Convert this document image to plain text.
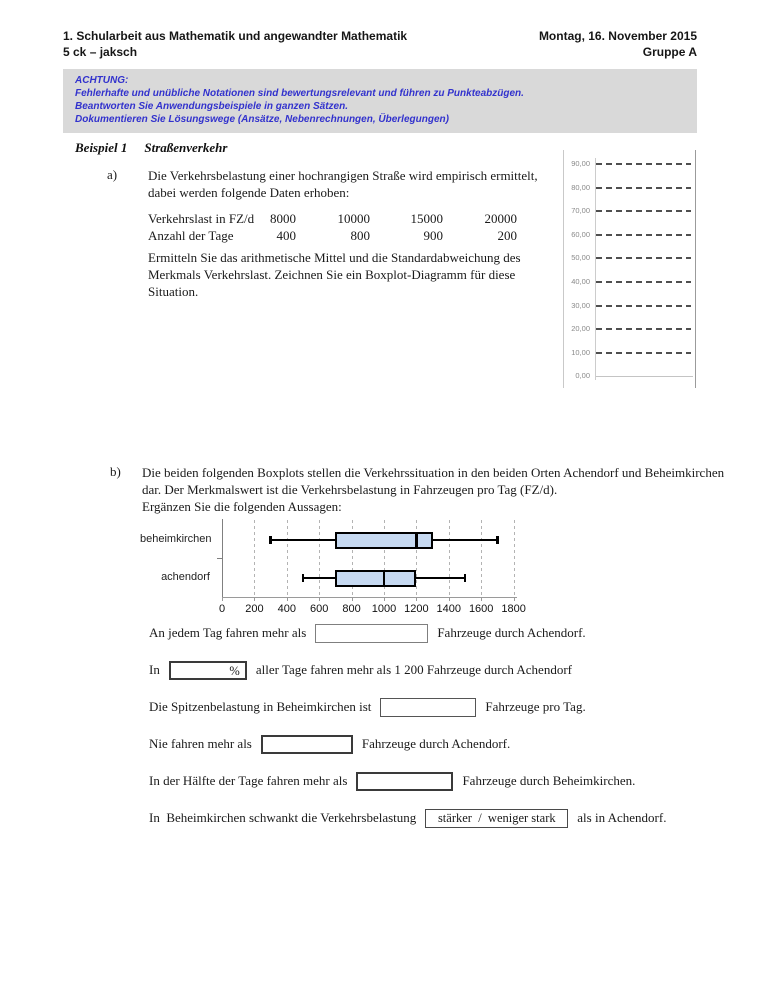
1. Schularbeit aus Mathematik und angewandter Mathematik
5 ck – jaksch
Montag, 16. November 2015
Gruppe A
ACHTUNG:
Fehlerhafte und unübliche Notationen sind bewertungsrelevant und führen zu Punkteabzügen.
Beantworten Sie Anwendungsbeispiele in ganzen Sätzen.
Dokumentieren Sie Lösungswege (Ansätze, Nebenrechnungen, Überlegungen)
Beispiel 1 Straßenverkehr
a) Die Verkehrsbelastung einer hochrangigen Straße wird empirisch ermittelt, dabei werden folgende Daten erhoben:
Verkehrslast in FZ/d	8000	10000	15000	20000
Anzahl der Tage	400	800	900	200
Ermitteln Sie das arithmetische Mittel und die Standardabweichung des Merkmals Verkehrslast. Zeichnen Sie ein Boxplot-Diagramm für diese Situation.
90,00
80,00
70,00
60,00
50,00
40,00
30,00
20,00
10,00
0,00
b) Die beiden folgenden Boxplots stellen die Verkehrssituation in den beiden Orten Achendorf und Beheimkirchen dar. Der Merkmalswert ist die Verkehrsbelastung in Fahrzeugen pro Tag (FZ/d).
Ergänzen Sie die folgenden Aussagen:
0	200	400	600	800 1000 1200 1400 1600 1800
beheimkirchen
achendorf
An jedem Tag fahren mehr als	Fahrzeuge durch Achendorf.
In	%	aller Tage fahren mehr als 1 200 Fahrzeuge durch Achendorf
Die Spitzenbelastung in Beheimkirchen ist	Fahrzeuge pro Tag.
Nie fahren mehr als	Fahrzeuge durch Achendorf.
In der Hälfte der Tage fahren mehr als	Fahrzeuge durch Beheimkirchen.
In  Beheimkirchen schwankt die Verkehrsbelastung	stärker  /  weniger stark	als in Achendorf.
